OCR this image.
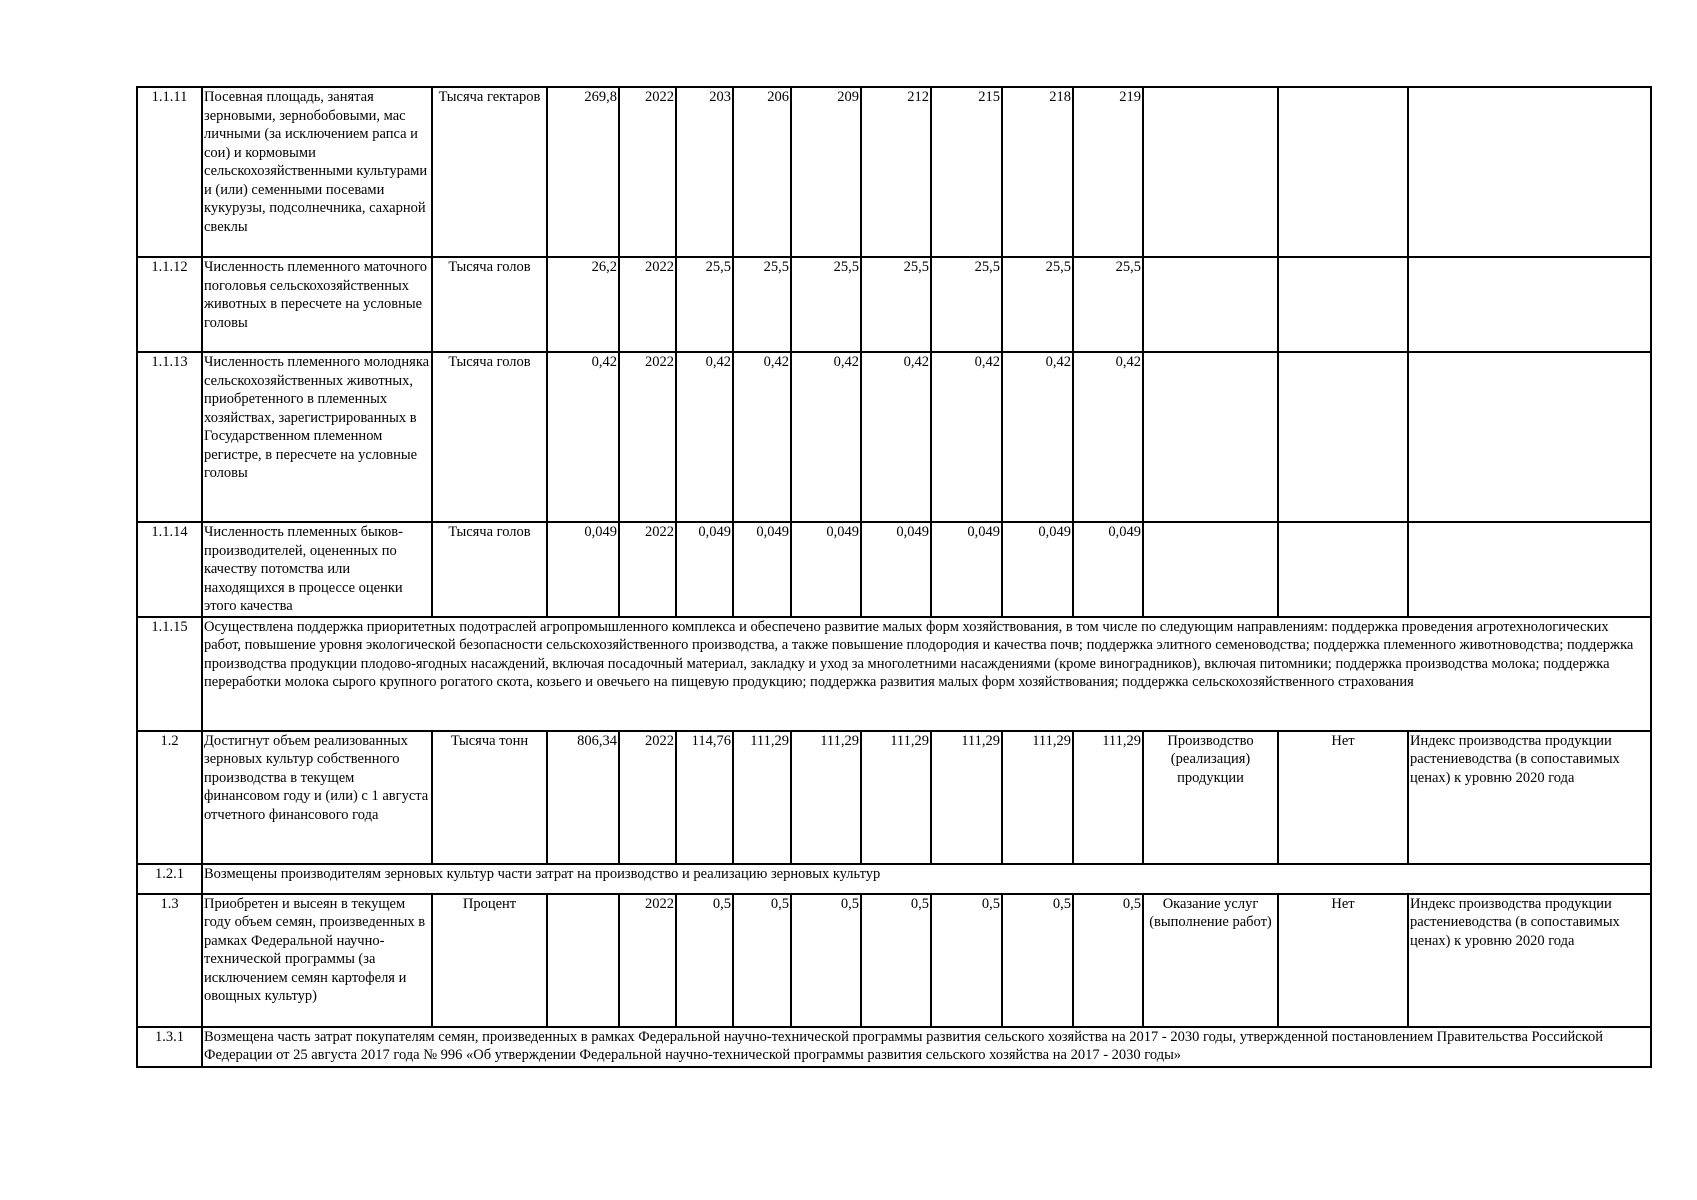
1.1.11	Посевная площадь, занятая зерновыми, зернобобовыми, мас личными (за исключением рапса и сои) и кормовыми сельскохозяйственными культурами и (или) семенными посевами кукурузы, подсолнечника, сахарной свеклы	Тысяча гектаров	269,8	2022	203	206	209	212	215	218	219			
1.1.12	Численность племенного маточного поголовья сельскохозяйственных животных в пересчете на условные головы	Тысяча голов	26,2	2022	25,5	25,5	25,5	25,5	25,5	25,5	25,5			
1.1.13	Численность племенного молодняка сельскохозяйственных животных, приобретенного в племенных хозяйствах, зарегистрированных в Государственном племенном регистре, в пересчете на условные головы	Тысяча голов	0,42	2022	0,42	0,42	0,42	0,42	0,42	0,42	0,42			
1.1.14	Численность племенных быков-производителей, оцененных по качеству потомства или находящихся в процессе оценки этого качества	Тысяча голов	0,049	2022	0,049	0,049	0,049	0,049	0,049	0,049	0,049			
1.1.15	Осуществлена поддержка приоритетных подотраслей агропромышленного комплекса и обеспечено развитие малых форм хозяйствования, в том числе по следующим направлениям: поддержка проведения агротехнологических работ, повышение уровня экологической безопасности сельскохозяйственного производства, а также повышение плодородия и качества почв; поддержка элитного семеноводства; поддержка племенного животноводства; поддержка производства продукции плодово-ягодных насаждений, включая посадочный материал, закладку и уход за многолетними насаждениями (кроме виноградников), включая питомники; поддержка производства молока; поддержка переработки молока сырого крупного рогатого скота, козьего и овечьего на пищевую продукцию; поддержка развития малых форм хозяйствования; поддержка сельскохозяйственного страхования													
1.2	Достигнут объем реализованных зерновых культур собственного производства в текущем финансовом году и (или) с 1 августа отчетного финансового года	Тысяча тонн	806,34	2022	114,76	111,29	111,29	111,29	111,29	111,29	111,29	Производство (реализация) продукции	Нет	Индекс производства продукции растениеводства (в сопоставимых ценах) к уровню 2020 года
1.2.1	Возмещены производителям зерновых культур части затрат на производство и реализацию зерновых культур													
1.3	Приобретен и высеян в текущем году объем семян, произведенных в рамках Федеральной научно-технической программы (за исключением семян картофеля и овощных культур)	Процент		2022	0,5	0,5	0,5	0,5	0,5	0,5	0,5	Оказание услуг (выполнение работ)	Нет	Индекс производства продукции растениеводства (в сопоставимых ценах) к уровню 2020 года
1.3.1	Возмещена часть затрат покупателям семян, произведенных в рамках Федеральной научно-технической программы развития сельского хозяйства на 2017 - 2030 годы, утвержденной постановлением Правительства Российской Федерации от 25 августа 2017 года № 996 «Об утверждении Федеральной научно-технической программы развития сельского хозяйства на 2017 - 2030 годы»													
